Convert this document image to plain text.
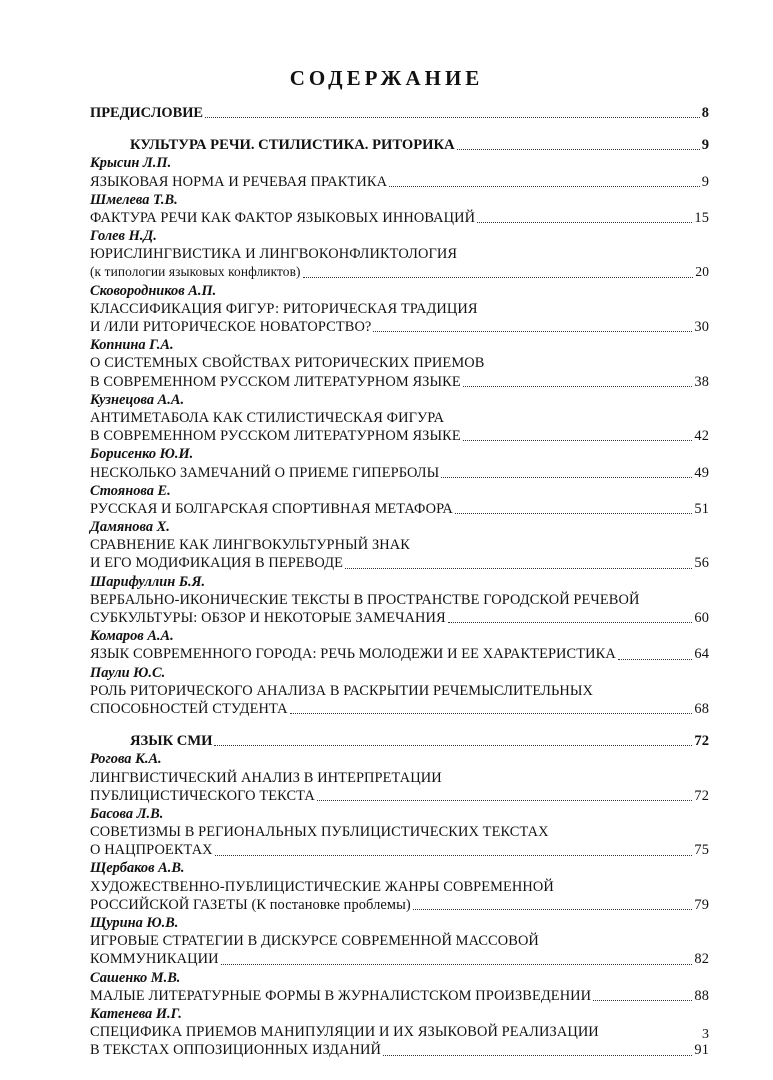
СОДЕРЖАНИЕ
ПРЕДИСЛОВИЕ	8
КУЛЬТУРА РЕЧИ. СТИЛИСТИКА. РИТОРИКА	9
Крысин Л.П.
ЯЗЫКОВАЯ НОРМА И РЕЧЕВАЯ ПРАКТИКА	9
Шмелева Т.В.
ФАКТУРА РЕЧИ КАК ФАКТОР ЯЗЫКОВЫХ ИННОВАЦИЙ	15
Голев Н.Д.
ЮРИСЛИНГВИСТИКА И ЛИНГВОКОНФЛИКТОЛОГИЯ
(к типологии языковых конфликтов)	20
Сковородников А.П.
КЛАССИФИКАЦИЯ ФИГУР: РИТОРИЧЕСКАЯ ТРАДИЦИЯ
И /ИЛИ РИТОРИЧЕСКОЕ НОВАТОРСТВО?	30
Копнина Г.А.
О СИСТЕМНЫХ СВОЙСТВАХ РИТОРИЧЕСКИХ ПРИЕМОВ
В СОВРЕМЕННОМ РУССКОМ ЛИТЕРАТУРНОМ ЯЗЫКЕ	38
Кузнецова А.А.
АНТИМЕТАБОЛА КАК СТИЛИСТИЧЕСКАЯ ФИГУРА
В СОВРЕМЕННОМ РУССКОМ ЛИТЕРАТУРНОМ ЯЗЫКЕ	42
Борисенко Ю.И.
НЕСКОЛЬКО ЗАМЕЧАНИЙ О ПРИЕМЕ ГИПЕРБОЛЫ	49
Стоянова Е.
РУССКАЯ И БОЛГАРСКАЯ СПОРТИВНАЯ МЕТАФОРА	51
Дамянова Х.
СРАВНЕНИЕ КАК ЛИНГВОКУЛЬТУРНЫЙ ЗНАК
И ЕГО МОДИФИКАЦИЯ В ПЕРЕВОДЕ	56
Шарифуллин Б.Я.
ВЕРБАЛЬНО-ИКОНИЧЕСКИЕ ТЕКСТЫ В ПРОСТРАНСТВЕ ГОРОДСКОЙ РЕЧЕВОЙ
СУБКУЛЬТУРЫ: ОБЗОР И НЕКОТОРЫЕ ЗАМЕЧАНИЯ	60
Комаров А.А.
ЯЗЫК СОВРЕМЕННОГО ГОРОДА: РЕЧЬ МОЛОДЕЖИ И ЕЕ ХАРАКТЕРИСТИКА	64
Паули Ю.С.
РОЛЬ РИТОРИЧЕСКОГО АНАЛИЗА В РАСКРЫТИИ РЕЧЕМЫСЛИТЕЛЬНЫХ
СПОСОБНОСТЕЙ СТУДЕНТА	68
ЯЗЫК СМИ	72
Рогова К.А.
ЛИНГВИСТИЧЕСКИЙ АНАЛИЗ В ИНТЕРПРЕТАЦИИ
ПУБЛИЦИСТИЧЕСКОГО ТЕКСТА	72
Басова Л.В.
СОВЕТИЗМЫ В РЕГИОНАЛЬНЫХ ПУБЛИЦИСТИЧЕСКИХ ТЕКСТАХ
О НАЦПРОЕКТАХ	75
Щербаков А.В.
ХУДОЖЕСТВЕННО-ПУБЛИЦИСТИЧЕСКИЕ ЖАНРЫ СОВРЕМЕННОЙ
РОССИЙСКОЙ ГАЗЕТЫ (К постановке проблемы)	79
Щурина Ю.В.
ИГРОВЫЕ СТРАТЕГИИ В ДИСКУРСЕ СОВРЕМЕННОЙ МАССОВОЙ
КОММУНИКАЦИИ	82
Сашенко М.В.
МАЛЫЕ ЛИТЕРАТУРНЫЕ ФОРМЫ В ЖУРНАЛИСТСКОМ ПРОИЗВЕДЕНИИ	88
Катенева И.Г.
СПЕЦИФИКА ПРИЕМОВ МАНИПУЛЯЦИИ И ИХ ЯЗЫКОВОЙ РЕАЛИЗАЦИИ
В ТЕКСТАХ ОППОЗИЦИОННЫХ ИЗДАНИЙ	91
3
